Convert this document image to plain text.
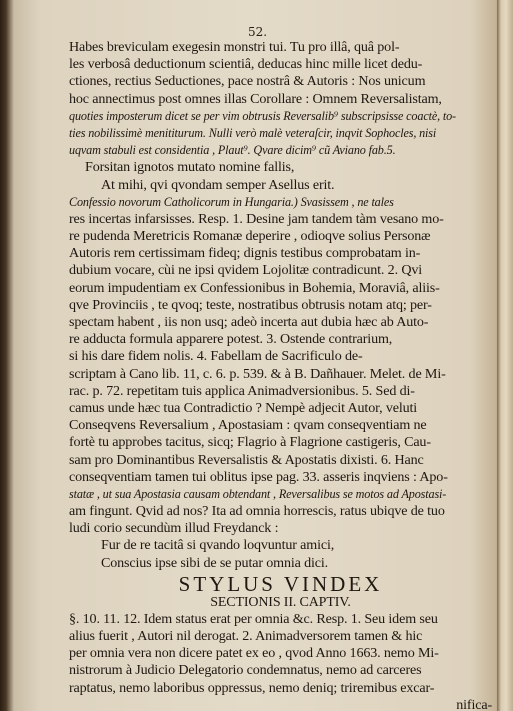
52.
Habes breviculam exegesin monstri tui. Tu pro illâ, quâ pol-
les verbosâ deductionum scientiâ, deducas hinc mille licet dedu-
ctiones, rectius Seductiones, pace nostrâ & Autoris : Nos unicum
hoc annectimus post omnes illas Corollare : Omnem Reversalistam,
quoties imposterum dicet se per vim obtrusis Reversalib⁹ subscripsisse coactè, to-
ties nobilissimè menititurum. Nulli verò malè veteraſcir, inqvit Sophocles, nisi
uqvam stabuli est considentia , Plaut⁹. Qvare dicim⁹ cũ Aviano fab.5.
Forsitan ignotos mutato nomine fallis,
At mihi, qvi qvondam semper Asellus erit.
Confessio novorum Catholicorum in Hungaria.) Svasissem , ne tales
res incertas infarsisses. Resp. 1. Desine jam tandem tàm vesano mo-
re pudenda Meretricis Romanæ deperire , odioqve solius Personæ
Autoris rem certissimam fideq; dignis testibus comprobatam in-
dubium vocare, cùi ne ipsi qvidem Lojolitæ contradicunt. 2. Qvi
eorum impudentiam ex Confessionibus in Bohemia, Moraviâ, aliis-
qve Provinciis , te qvoq; teste, nostratibus obtrusis notam atq; per-
spectam habent , iis non usq; adeò incerta aut dubia hæc ab Auto-
re adducta formula apparere potest. 3. Ostende contrarium,
si his dare fidem nolis. 4. Fabellam de Sacrificulo de-
scriptam à Cano lib. 11, c. 6. p. 539. & à B. Dañhauer. Melet. de Mi-
rac. p. 72. repetitam tuis applica Animadversionibus. 5. Sed di-
camus unde hæc tua Contradictio ? Nempè adjecit Autor, veluti
Conseqvens Reversalium , Apostasiam : qvam conseqventiam ne
fortè tu approbes tacitus, sicq; Flagrio à Flagrione castigeris, Cau-
sam pro Dominantibus Reversalistis & Apostatis dixisti. 6. Hanc
conseqventiam tamen tui oblitus ipse pag. 33. asseris inqviens : Apo-
statæ , ut sua Apostasia causam obtendant , Reversalibus se motos ad Apostasi-
am fingunt. Qvid ad nos? Ita ad omnia horrescis, ratus ubiqve de tuo
ludi corio secundùm illud Freydanck :
Fur de re tacitâ si qvando loqvuntur amici,
Conscius ipse sibi de se putar omnia dici.
STYLUS VINDEX
SECTIONIS II. CAPTIV.
§. 10. 11. 12. Idem status erat per omnia &c. Resp. 1. Seu idem seu
alius fuerit , Autori nil derogat. 2. Animadversorem tamen & hic
per omnia vera non dicere patet ex eo , qvod Anno 1663. nemo Mi-
nistrorum à Judicio Delegatorio condemnatus, nemo ad carceres
raptatus, nemo laboribus oppressus, nemo deniq; triremibus excar-
nifica-
